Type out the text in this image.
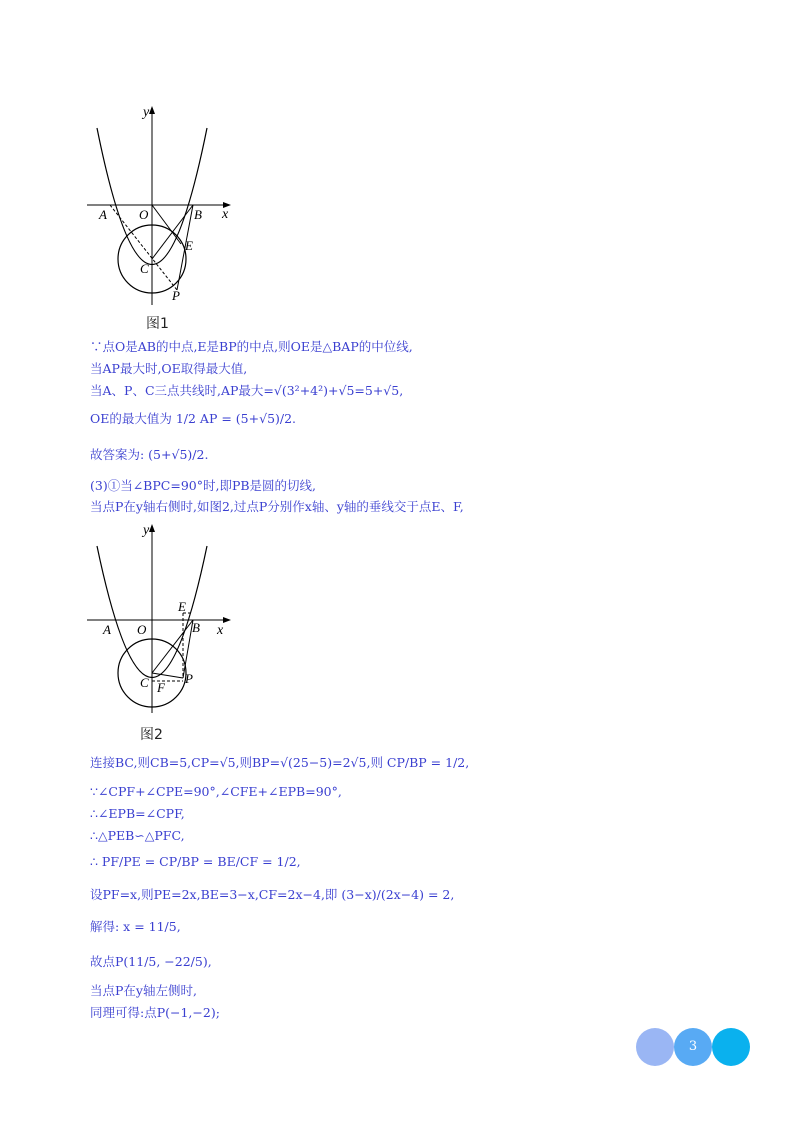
y
x
A O	B
E
C
P
图1
∵点O是AB的中点,E是BP的中点,则OE是△BAP的中位线,
当AP最大时,OE取得最大值,
当A、P、C三点共线时,AP最大=√(3²+4²)+√5=5+√5,
OE的最大值为 1/2 AP = (5+√5)/2.
故答案为: (5+√5)/2.
(3)①当∠BPC=90°时,即PB是圆的切线,
当点P在y轴右侧时,如图2,过点P分别作x轴、y轴的垂线交于点E、F,
y
x
A O	B
E
C F
P
图2
连接BC,则CB=5,CP=√5,则BP=√(25−5)=2√5,则 CP/BP = 1/2,
∵∠CPF+∠CPE=90°,∠CFE+∠EPB=90°,
∴∠EPB=∠CPF,
∴△PEB∽△PFC,
∴ PF/PE = CP/BP = BE/CF = 1/2,
设PF=x,则PE=2x,BE=3−x,CF=2x−4,即 (3−x)/(2x−4) = 2,
解得: x = 11/5,
故点P(11/5, −22/5),
当点P在y轴左侧时,
同理可得:点P(−1,−2);
3
